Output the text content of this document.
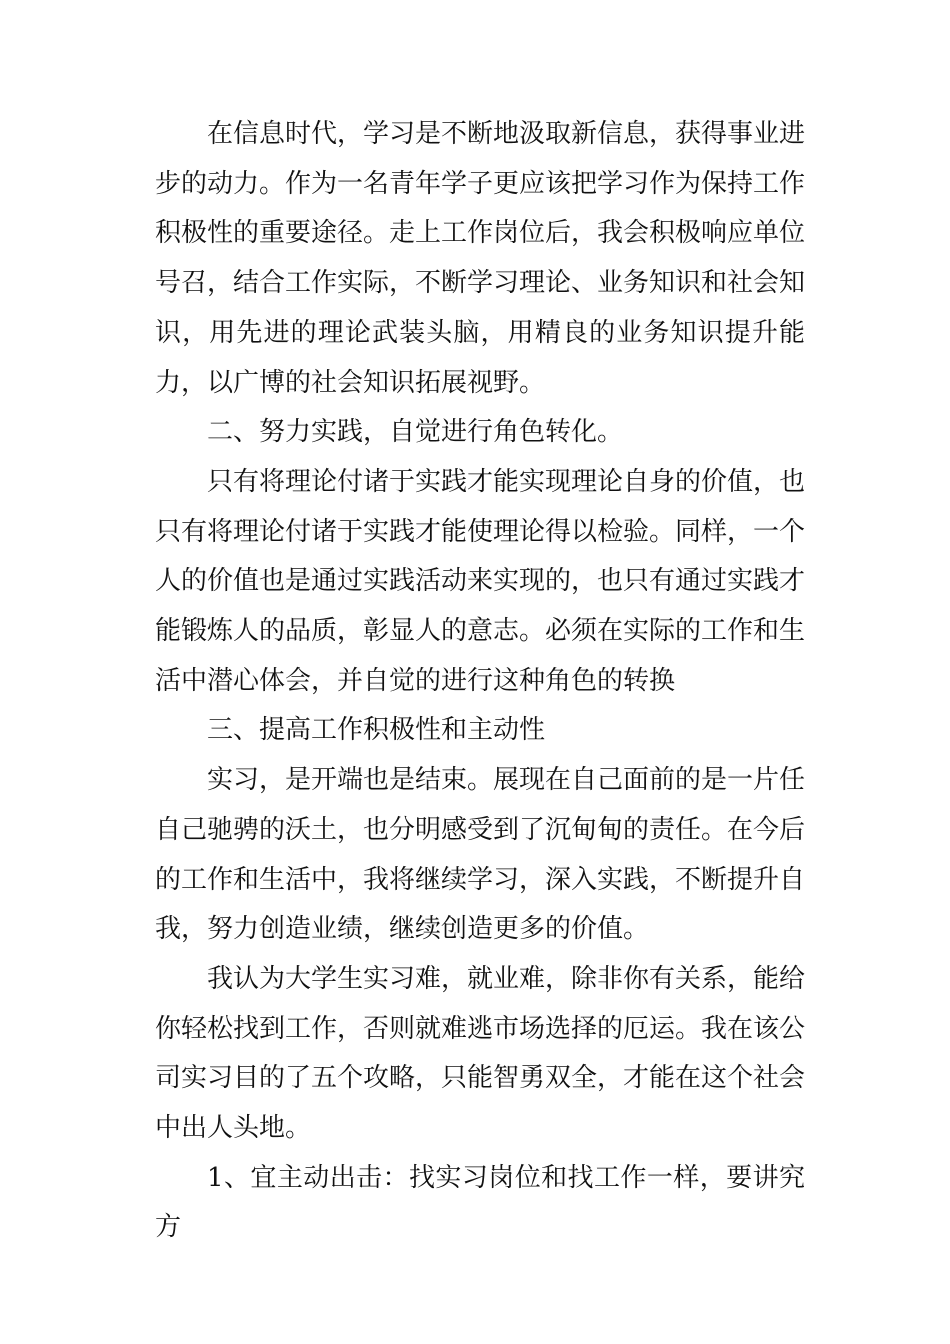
在信息时代，学习是不断地汲取新信息，获得事业进步的动力。作为一名青年学子更应该把学习作为保持工作积极性的重要途径。走上工作岗位后，我会积极响应单位号召，结合工作实际，不断学习理论、业务知识和社会知识，用先进的理论武装头脑，用精良的业务知识提升能力，以广博的社会知识拓展视野。

二、努力实践，自觉进行角色转化。

只有将理论付诸于实践才能实现理论自身的价值，也只有将理论付诸于实践才能使理论得以检验。同样，一个人的价值也是通过实践活动来实现的，也只有通过实践才能锻炼人的品质，彰显人的意志。必须在实际的工作和生活中潜心体会，并自觉的进行这种角色的转换

三、提高工作积极性和主动性

实习，是开端也是结束。展现在自己面前的是一片任自己驰骋的沃土，也分明感受到了沉甸甸的责任。在今后的工作和生活中，我将继续学习，深入实践，不断提升自我，努力创造业绩，继续创造更多的价值。

我认为大学生实习难，就业难，除非你有关系，能给你轻松找到工作，否则就难逃市场选择的厄运。我在该公司实习目的了五个攻略，只能智勇双全，才能在这个社会中出人头地。

1、宜主动出击：找实习岗位和找工作一样，要讲究方
